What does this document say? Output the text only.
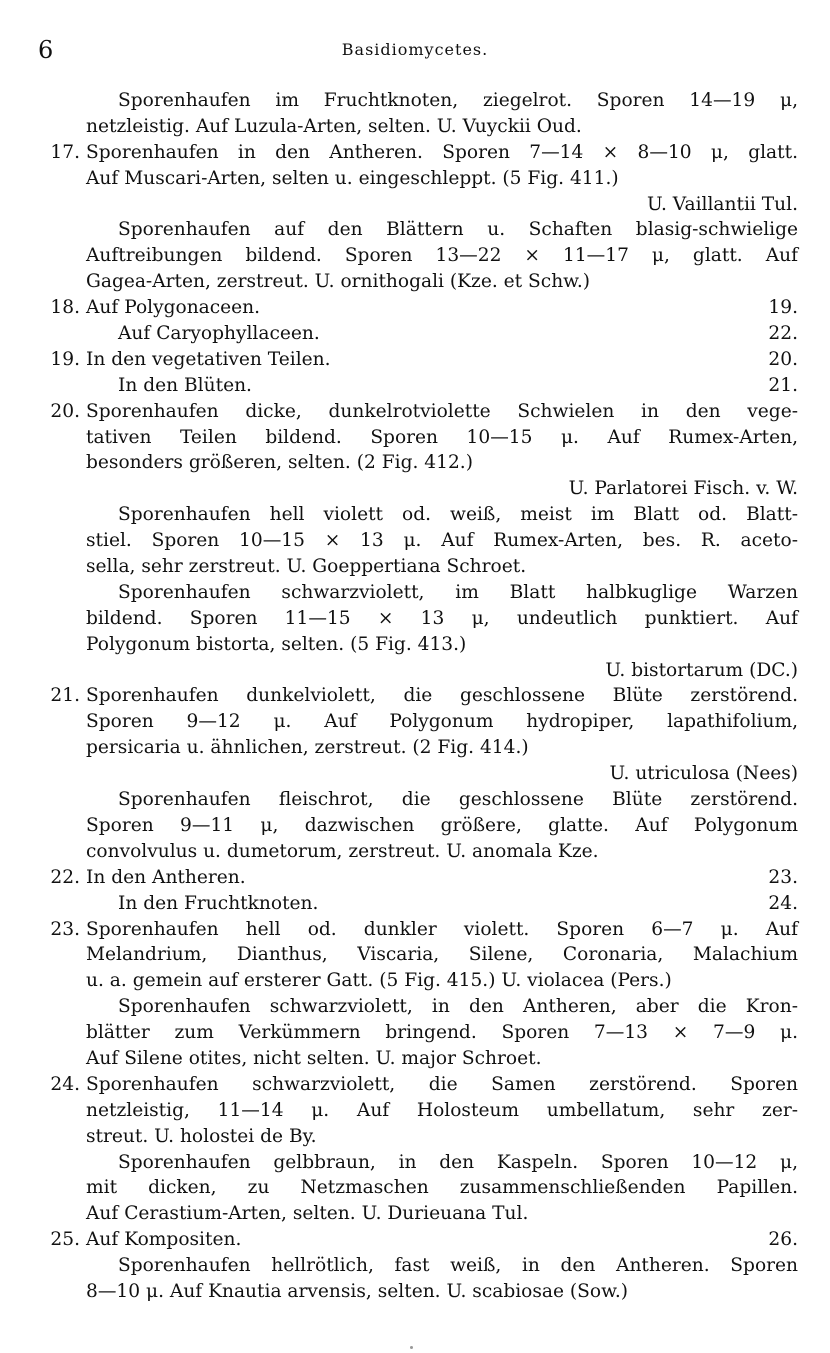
6	Basidiomycetes.
Sporenhaufen im Fruchtknoten, ziegelrot. Sporen 14—19 μ,
netzleistig. Auf Luzula-Arten, selten. U. Vuyckii Oud.
17. Sporenhaufen in den Antheren. Sporen 7—14 × 8—10 μ, glatt.
Auf Muscari-Arten, selten u. eingeschleppt. (5 Fig. 411.)
U. Vaillantii Tul.
Sporenhaufen auf den Blättern u. Schaften blasig-schwielige
Auftreibungen bildend. Sporen 13—22 × 11—17 μ, glatt. Auf
Gagea-Arten, zerstreut. U. ornithogali (Kze. et Schw.)
18. Auf Polygonaceen.	19.
Auf Caryophyllaceen.	22.
19. In den vegetativen Teilen.	20.
In den Blüten.	21.
20. Sporenhaufen dicke, dunkelrotviolette Schwielen in den vege-
tativen Teilen bildend. Sporen 10—15 μ. Auf Rumex-Arten,
besonders größeren, selten. (2 Fig. 412.)
U. Parlatorei Fisch. v. W.
Sporenhaufen hell violett od. weiß, meist im Blatt od. Blatt-
stiel. Sporen 10—15 × 13 μ. Auf Rumex-Arten, bes. R. aceto-
sella, sehr zerstreut. U. Goeppertiana Schroet.
Sporenhaufen schwarzviolett, im Blatt halbkuglige Warzen
bildend. Sporen 11—15 × 13 μ, undeutlich punktiert. Auf
Polygonum bistorta, selten. (5 Fig. 413.)
U. bistortarum (DC.)
21. Sporenhaufen dunkelviolett, die geschlossene Blüte zerstörend.
Sporen 9—12 μ. Auf Polygonum hydropiper, lapathifolium,
persicaria u. ähnlichen, zerstreut. (2 Fig. 414.)
U. utriculosa (Nees)
Sporenhaufen fleischrot, die geschlossene Blüte zerstörend.
Sporen 9—11 μ, dazwischen größere, glatte. Auf Polygonum
convolvulus u. dumetorum, zerstreut. U. anomala Kze.
22. In den Antheren.	23.
In den Fruchtknoten.	24.
23. Sporenhaufen hell od. dunkler violett. Sporen 6—7 μ. Auf
Melandrium, Dianthus, Viscaria, Silene, Coronaria, Malachium
u. a. gemein auf ersterer Gatt. (5 Fig. 415.) U. violacea (Pers.)
Sporenhaufen schwarzviolett, in den Antheren, aber die Kron-
blätter zum Verkümmern bringend. Sporen 7—13 × 7—9 μ.
Auf Silene otites, nicht selten. U. major Schroet.
24. Sporenhaufen schwarzviolett, die Samen zerstörend. Sporen
netzleistig, 11—14 μ. Auf Holosteum umbellatum, sehr zer-
streut. U. holostei de By.
Sporenhaufen gelbbraun, in den Kaspeln. Sporen 10—12 μ,
mit dicken, zu Netzmaschen zusammenschließenden Papillen.
Auf Cerastium-Arten, selten. U. Durieuana Tul.
25. Auf Kompositen.	26.
Sporenhaufen hellrötlich, fast weiß, in den Antheren. Sporen
8—10 μ. Auf Knautia arvensis, selten. U. scabiosae (Sow.)
